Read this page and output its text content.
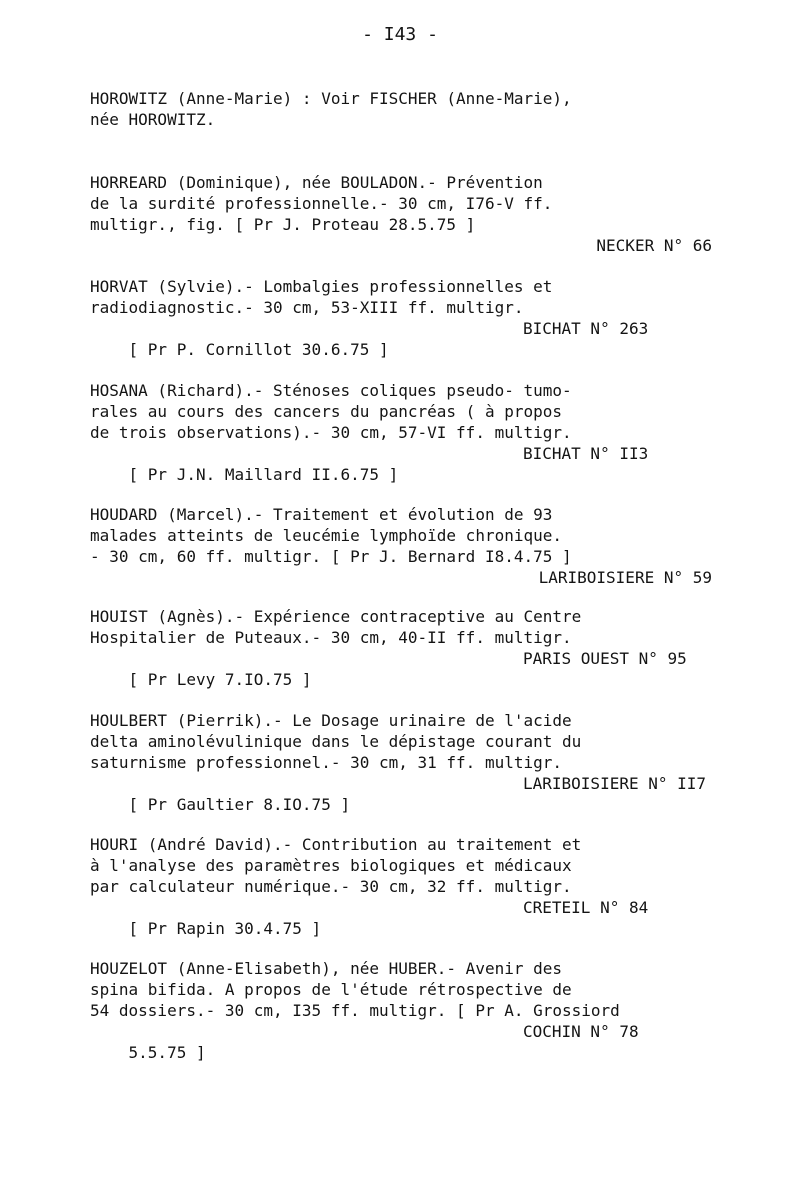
- I43 -
HOROWITZ (Anne-Marie) : Voir FISCHER (Anne-Marie),
née HOROWITZ.
HORREARD (Dominique), née BOULADON.- Prévention
de la surdité professionnelle.- 30 cm, I76-V ff.
multigr., fig. [ Pr J. Proteau 28.5.75 ]
NECKER N° 66
HORVAT (Sylvie).- Lombalgies professionnelles et
radiodiagnostic.- 30 cm, 53-XIII ff. multigr.

[ Pr P. Cornillot 30.6.75 ]

BICHAT N° 263

HOSANA (Richard).- Sténoses coliques pseudo- tumo-
rales au cours des cancers du pancréas ( à propos
de trois observations).- 30 cm, 57-VI ff. multigr.

[ Pr J.N. Maillard II.6.75 ]

BICHAT N° II3

HOUDARD (Marcel).- Traitement et évolution de 93
malades atteints de leucémie lymphoïde chronique.
- 30 cm, 60 ff. multigr. [ Pr J. Bernard I8.4.75 ]
LARIBOISIERE N° 59
HOUIST (Agnès).- Expérience contraceptive au Centre
Hospitalier de Puteaux.- 30 cm, 40-II ff. multigr.

[ Pr Levy 7.IO.75 ]

PARIS OUEST N° 95

HOULBERT (Pierrik).- Le Dosage urinaire de l'acide
delta aminolévulinique dans le dépistage courant du
saturnisme professionnel.- 30 cm, 31 ff. multigr.

[ Pr Gaultier 8.IO.75 ]

LARIBOISIERE N° II7

HOURI (André David).- Contribution au traitement et
à l'analyse des paramètres biologiques et médicaux
par calculateur numérique.- 30 cm, 32 ff. multigr.

[ Pr Rapin 30.4.75 ]

CRETEIL N° 84

HOUZELOT (Anne-Elisabeth), née HUBER.- Avenir des
spina bifida. A propos de l'étude rétrospective de
54 dossiers.- 30 cm, I35 ff. multigr. [ Pr A. Grossiord

5.5.75 ]

COCHIN N° 78
